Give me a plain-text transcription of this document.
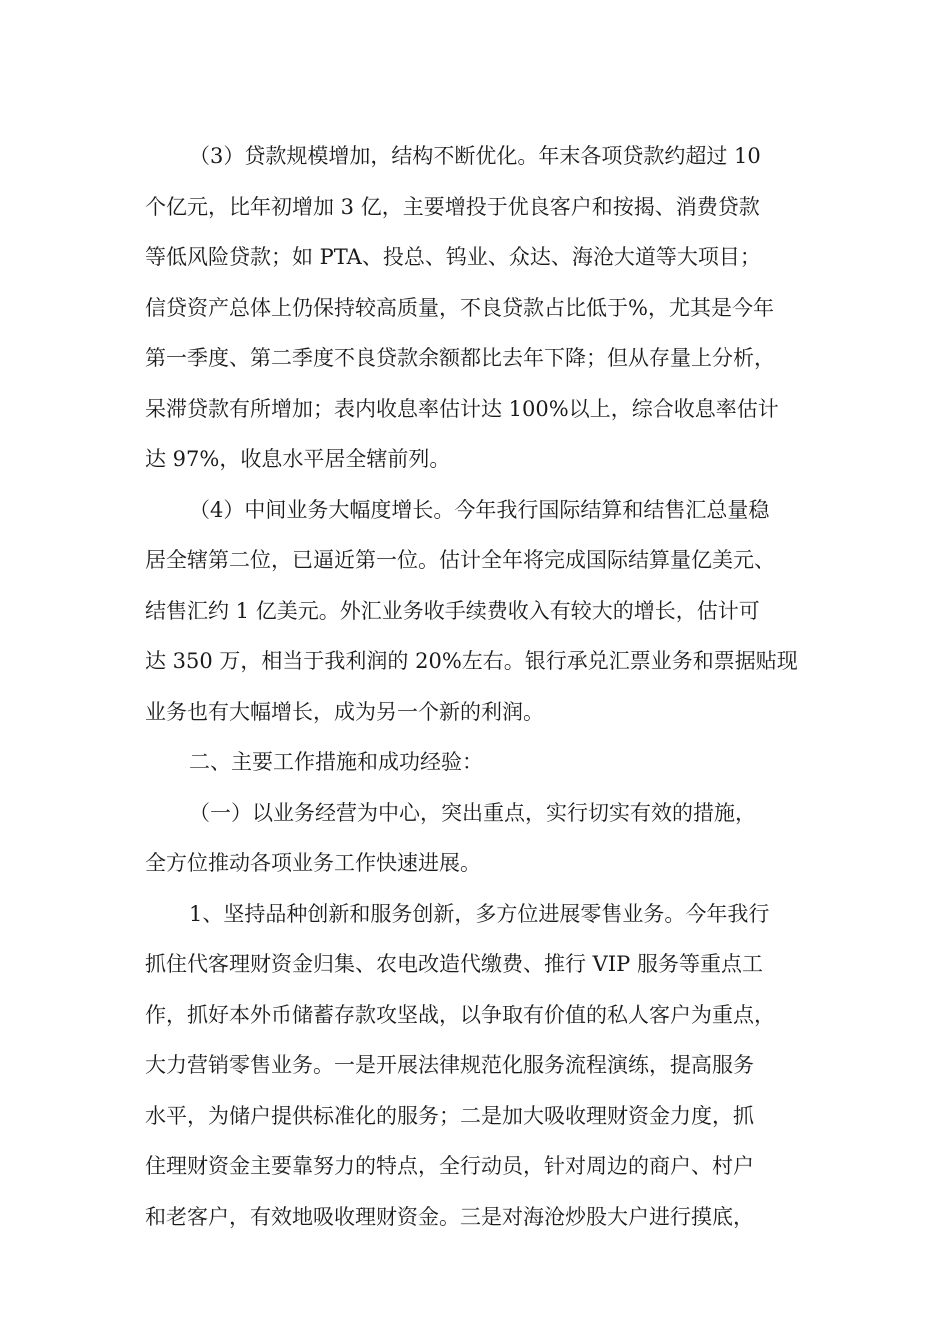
（3）贷款规模增加，结构不断优化。年末各项贷款约超过 10
个亿元，比年初增加 3 亿，主要增投于优良客户和按揭、消费贷款
等低风险贷款；如 PTA、投总、钨业、众达、海沧大道等大项目；
信贷资产总体上仍保持较高质量，不良贷款占比低于%，尤其是今年
第一季度、第二季度不良贷款余额都比去年下降；但从存量上分析，
呆滞贷款有所增加；表内收息率估计达 100%以上，综合收息率估计
达 97%，收息水平居全辖前列。
（4）中间业务大幅度增长。今年我行国际结算和结售汇总量稳
居全辖第二位，已逼近第一位。估计全年将完成国际结算量亿美元、
结售汇约 1 亿美元。外汇业务收手续费收入有较大的增长，估计可
达 350 万，相当于我利润的 20%左右。银行承兑汇票业务和票据贴现
业务也有大幅增长，成为另一个新的利润。
二、主要工作措施和成功经验：
（一）以业务经营为中心，突出重点，实行切实有效的措施，
全方位推动各项业务工作快速进展。
1、坚持品种创新和服务创新，多方位进展零售业务。今年我行
抓住代客理财资金归集、农电改造代缴费、推行 VIP 服务等重点工
作，抓好本外币储蓄存款攻坚战，以争取有价值的私人客户为重点，
大力营销零售业务。一是开展法律规范化服务流程演练，提高服务
水平，为储户提供标准化的服务；二是加大吸收理财资金力度，抓
住理财资金主要靠努力的特点，全行动员，针对周边的商户、村户
和老客户，有效地吸收理财资金。三是对海沧炒股大户进行摸底，
